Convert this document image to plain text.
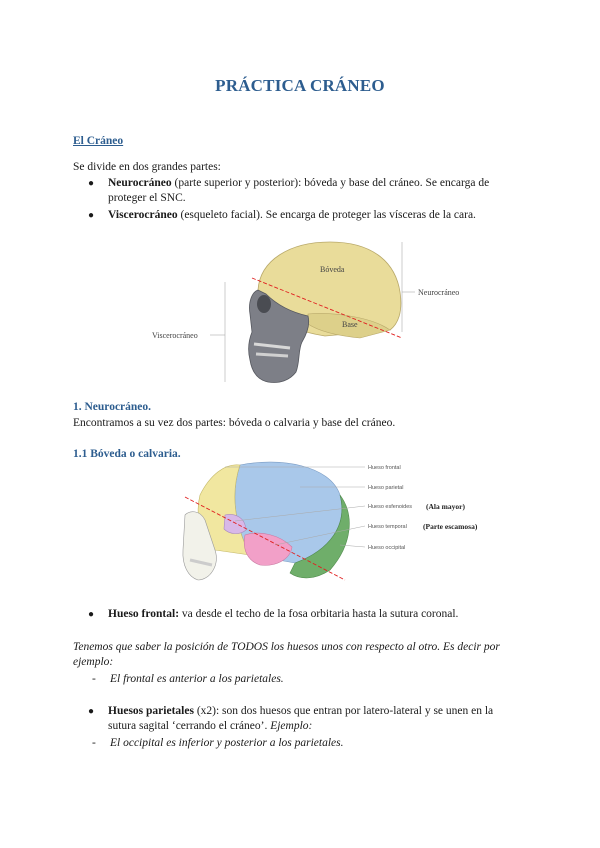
PRÁCTICA CRÁNEO
El Cráneo
Se divide en dos grandes partes:
● Neurocráneo (parte superior y posterior): bóveda y base del cráneo. Se encarga de
proteger el SNC.
● Viscerocráneo (esqueleto facial). Se encarga de proteger las vísceras de la cara.
Bóveda
Base
Neurocráneo
Viscerocráneo
1. Neurocráneo.
Encontramos a su vez dos partes: bóveda o calvaria y base del cráneo.
1.1 Bóveda o calvaria.
Hueso frontal
Hueso parietal
Hueso esfenoides (Ala mayor)
Hueso temporal (Parte escamosa)
Hueso occipital
● Hueso frontal: va desde el techo de la fosa orbitaria hasta la sutura coronal.
Tenemos que saber la posición de TODOS los huesos unos con respecto al otro. Es decir por
ejemplo:
- El frontal es anterior a los parietales.
● Huesos parietales (x2): son dos huesos que entran por latero-lateral y se unen en la
sutura sagital ‘cerrando el cráneo’. Ejemplo:
- El occipital es inferior y posterior a los parietales.
